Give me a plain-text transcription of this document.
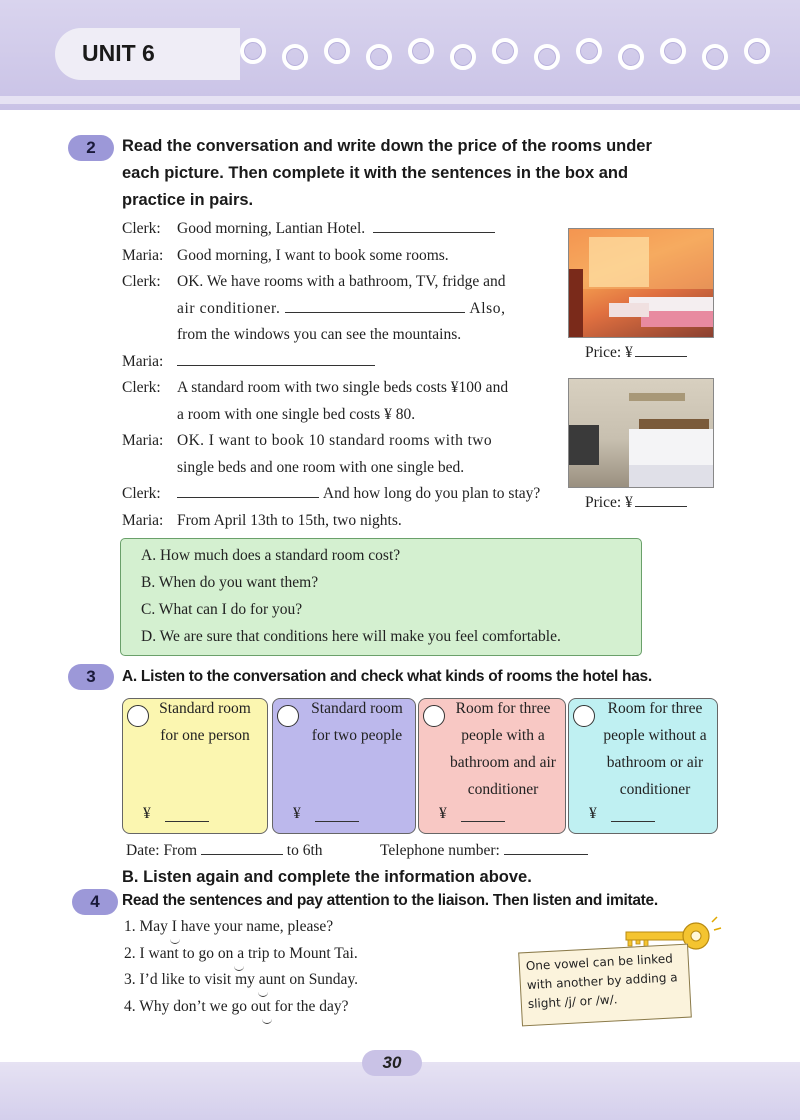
UNIT 6
2	Read the conversation and write down the price of the rooms under
each picture. Then complete it with the sentences in the box and
practice in pairs.
Clerk: Good morning, Lantian Hotel.
Maria: Good morning, I want to book some rooms.
Clerk: OK. We have rooms with a bathroom, TV, fridge and
air conditioner.	Also,
from the windows you can see the mountains.
Maria:
Clerk: A standard room with two single beds costs ¥100 and
a room with one single bed costs ¥ 80.
Maria: OK. I want to book 10 standard rooms with two
single beds and one room with one single bed.
Clerk:	And how long do you plan to stay?
Maria: From April 13th to 15th, two nights.
Price: ¥
Price: ¥
A. How much does a standard room cost?
B. When do you want them?
C. What can I do for you?
D. We are sure that conditions here will make you feel comfortable.
3	A. Listen to the conversation and check what kinds of rooms the hotel has.
Standard room
for one person
¥
Standard room
for two people
¥
Room for three
people with a
bathroom and air
conditioner
¥
Room for three
people without a
bathroom or air
conditioner
¥
Date: From	to 6th	Telephone number:
B. Listen again and complete the information above.
4	Read the sentences and pay attention to the liaison. Then listen and imitate.
1. May I have your name, please?
2. I want to go on a trip to Mount Tai.
3. I’d like to visit my aunt on Sunday.
4. Why don’t we go out for the day?
One vowel can be linked
with another by adding a
slight /j/ or /w/.
30
